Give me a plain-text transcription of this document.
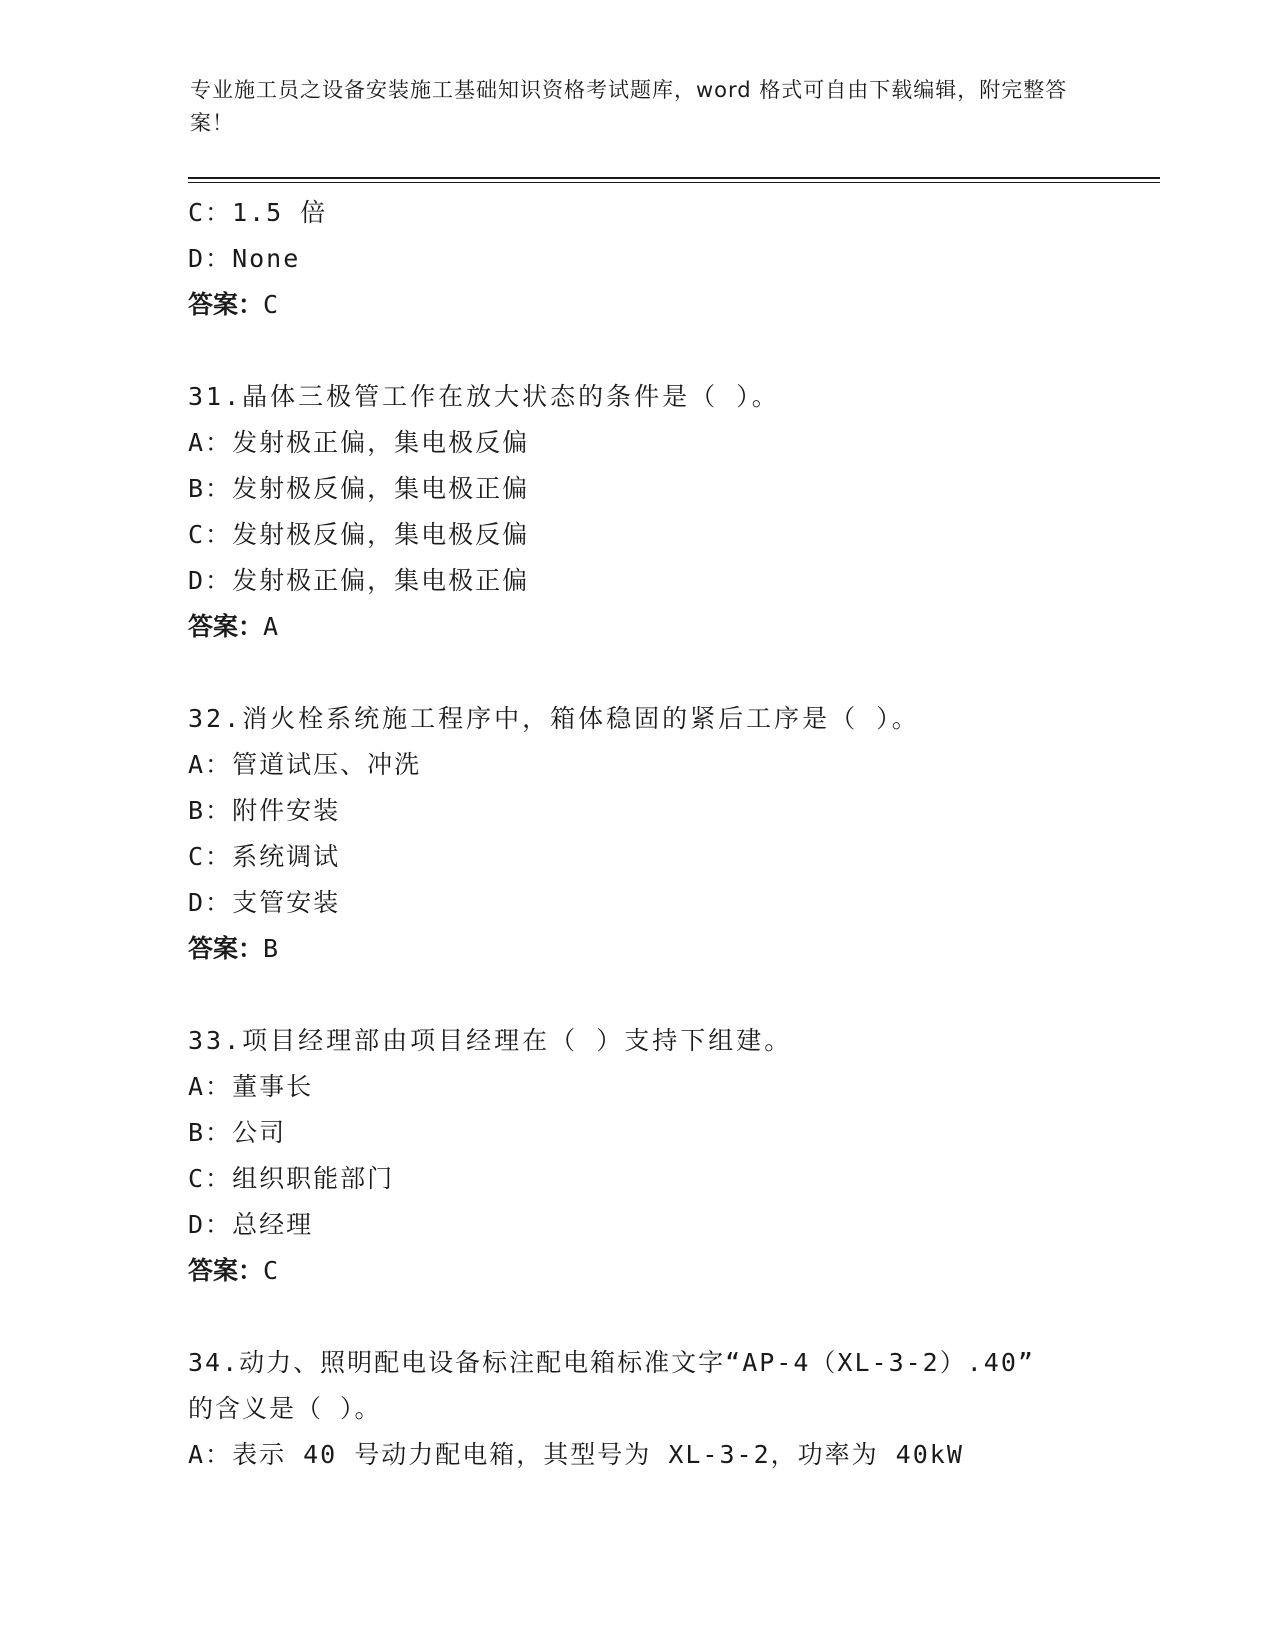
专业施工员之设备安装施工基础知识资格考试题库，word 格式可自由下载编辑，附完整答案！
C：1.5 倍
D：None
答案：C
31.晶体三极管工作在放大状态的条件是（ ）。
A：发射极正偏，集电极反偏
B：发射极反偏，集电极正偏
C：发射极反偏，集电极反偏
D：发射极正偏，集电极正偏
答案：A
32.消火栓系统施工程序中，箱体稳固的紧后工序是（ ）。
A：管道试压、冲洗
B：附件安装
C：系统调试
D：支管安装
答案：B
33.项目经理部由项目经理在（ ）支持下组建。
A：董事长
B：公司
C：组织职能部门
D：总经理
答案：C
34.动力、照明配电设备标注配电箱标准文字“AP-4（XL-3-2）.40”
的含义是（ ）。
A：表示 40 号动力配电箱，其型号为 XL-3-2，功率为 40kW
